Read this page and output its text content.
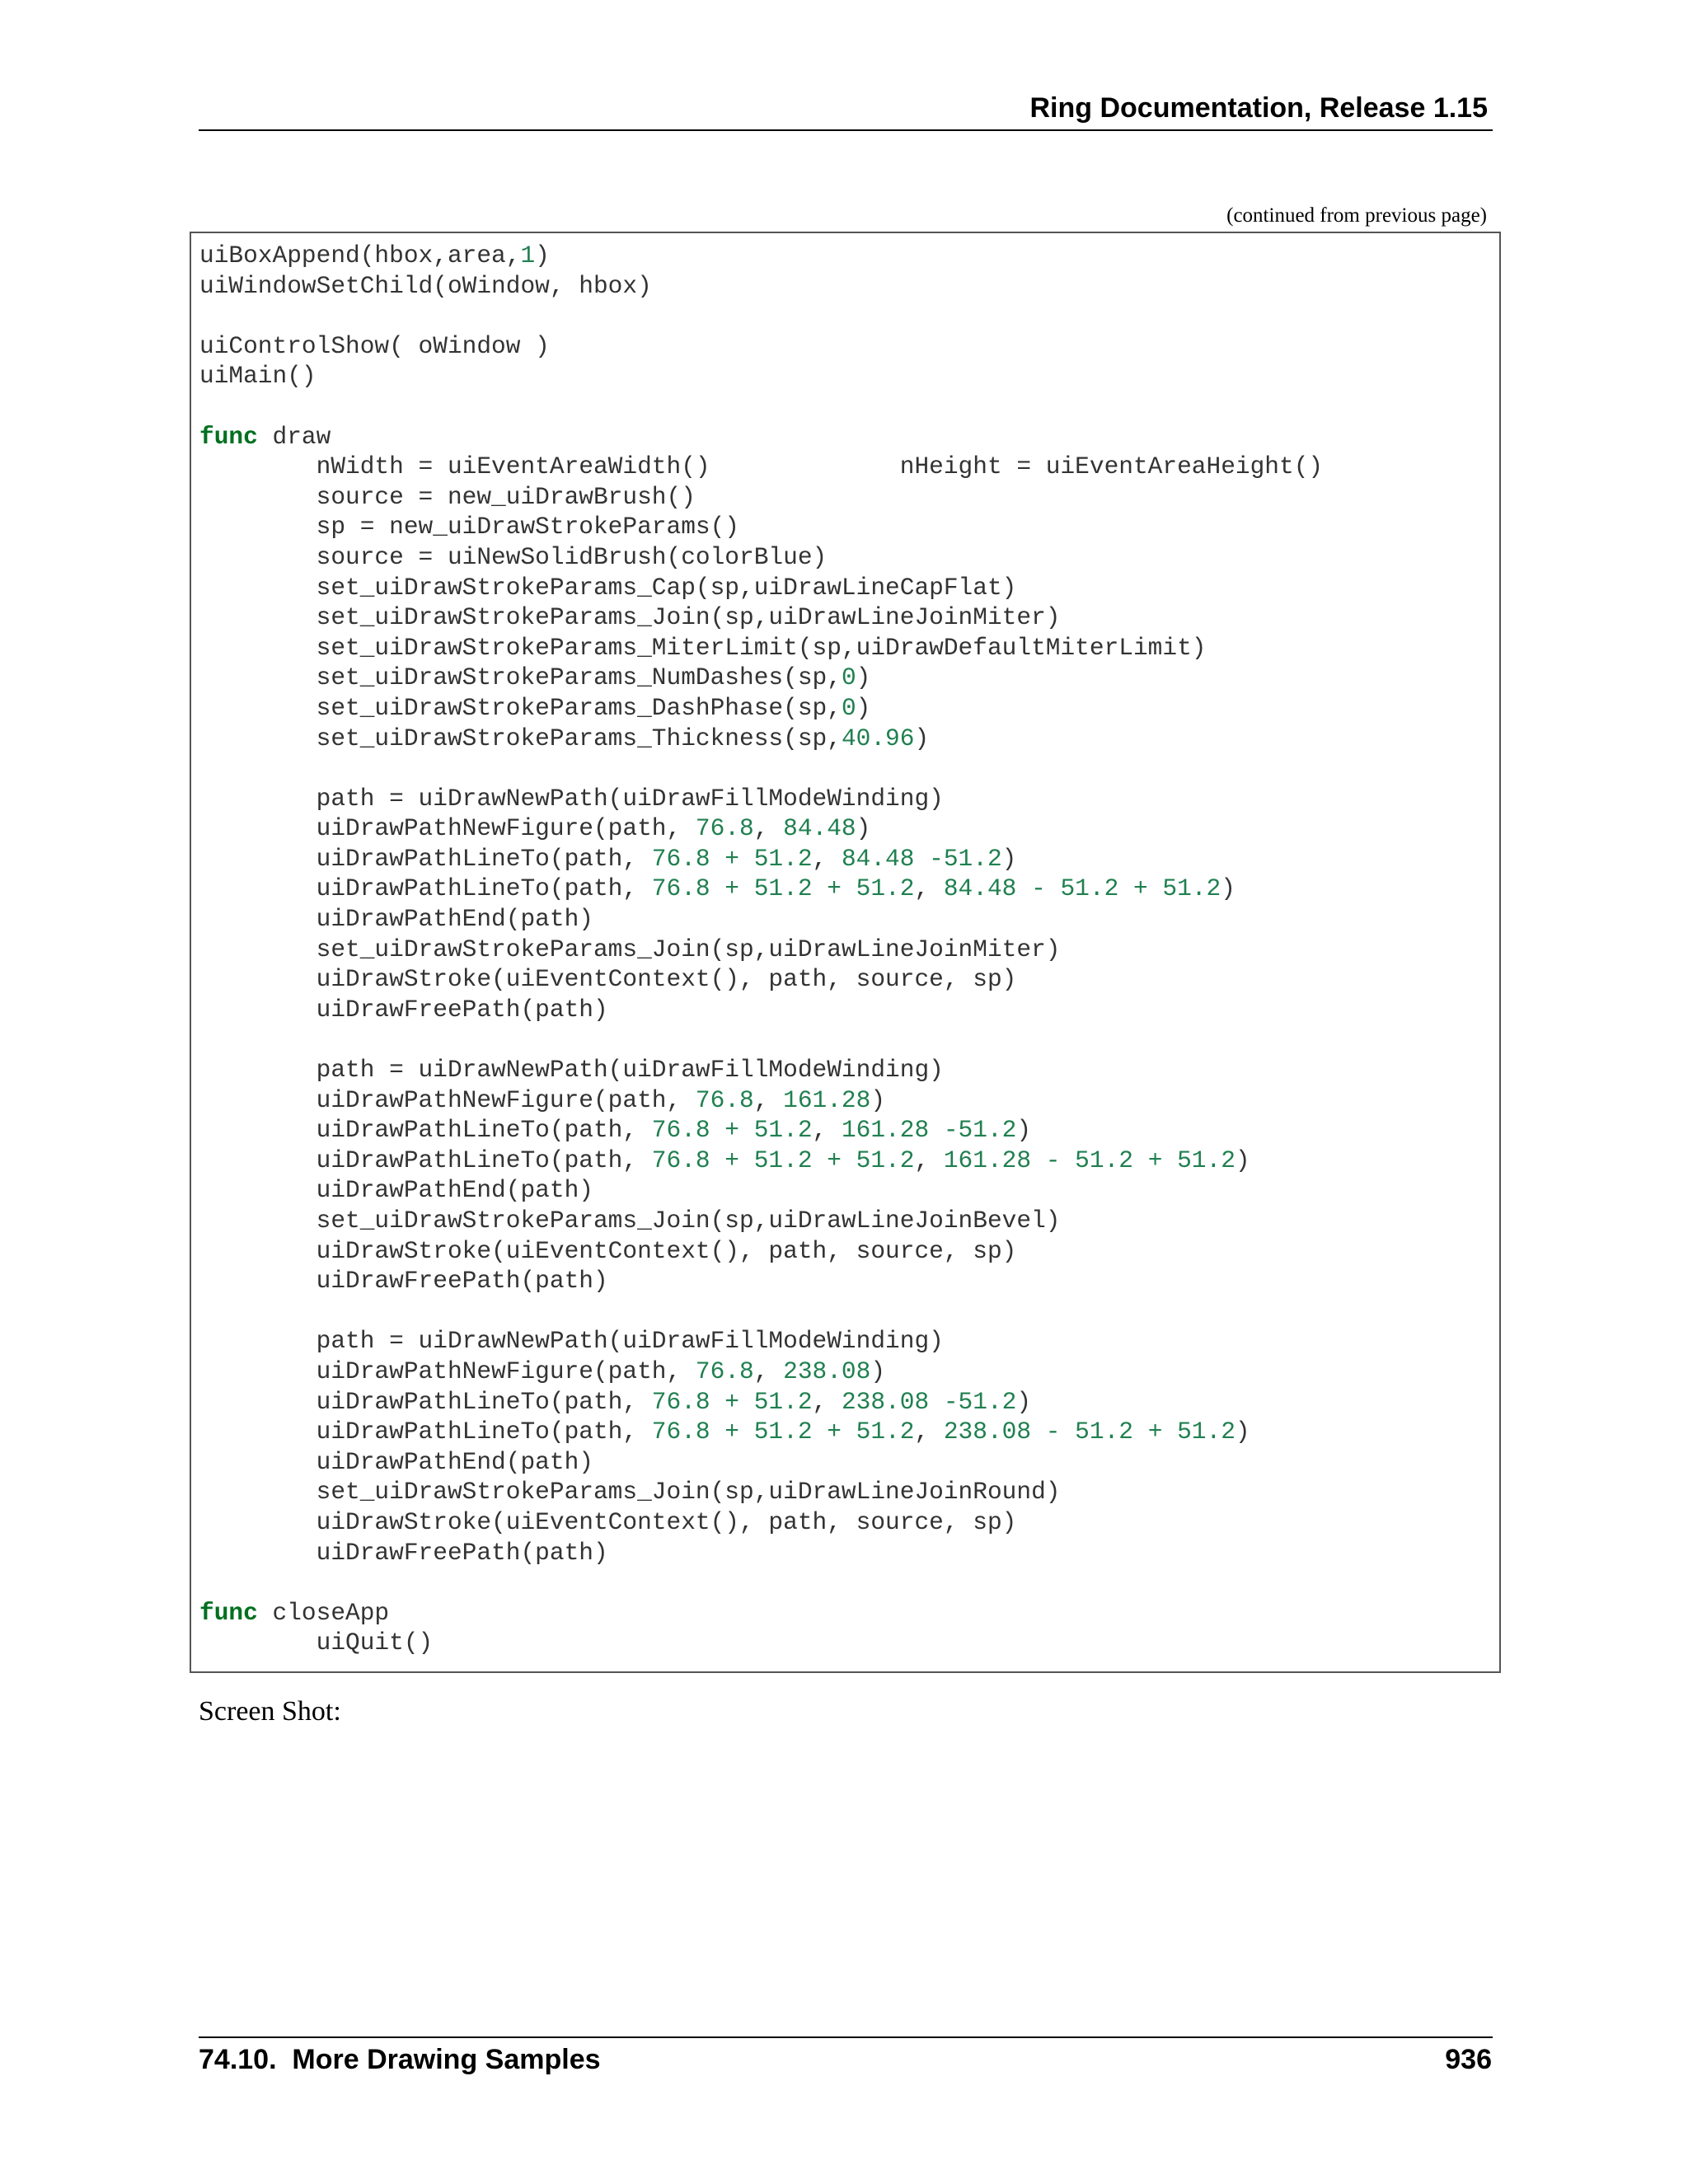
Ring Documentation, Release 1.15
(continued from previous page)
uiBoxAppend(hbox,area,1)
uiWindowSetChild(oWindow, hbox)
uiControlShow( oWindow )
uiMain()
func draw
nWidth = uiEventAreaWidth()             nHeight = uiEventAreaHeight()
source = new_uiDrawBrush()
sp = new_uiDrawStrokeParams()
source = uiNewSolidBrush(colorBlue)
set_uiDrawStrokeParams_Cap(sp,uiDrawLineCapFlat)
set_uiDrawStrokeParams_Join(sp,uiDrawLineJoinMiter)
set_uiDrawStrokeParams_MiterLimit(sp,uiDrawDefaultMiterLimit)
set_uiDrawStrokeParams_NumDashes(sp,0)
set_uiDrawStrokeParams_DashPhase(sp,0)
set_uiDrawStrokeParams_Thickness(sp,40.96)
path = uiDrawNewPath(uiDrawFillModeWinding)
uiDrawPathNewFigure(path, 76.8, 84.48)
uiDrawPathLineTo(path, 76.8 + 51.2, 84.48 -51.2)
uiDrawPathLineTo(path, 76.8 + 51.2 + 51.2, 84.48 - 51.2 + 51.2)
uiDrawPathEnd(path)
set_uiDrawStrokeParams_Join(sp,uiDrawLineJoinMiter)
uiDrawStroke(uiEventContext(), path, source, sp)
uiDrawFreePath(path)
path = uiDrawNewPath(uiDrawFillModeWinding)
uiDrawPathNewFigure(path, 76.8, 161.28)
uiDrawPathLineTo(path, 76.8 + 51.2, 161.28 -51.2)
uiDrawPathLineTo(path, 76.8 + 51.2 + 51.2, 161.28 - 51.2 + 51.2)
uiDrawPathEnd(path)
set_uiDrawStrokeParams_Join(sp,uiDrawLineJoinBevel)
uiDrawStroke(uiEventContext(), path, source, sp)
uiDrawFreePath(path)
path = uiDrawNewPath(uiDrawFillModeWinding)
uiDrawPathNewFigure(path, 76.8, 238.08)
uiDrawPathLineTo(path, 76.8 + 51.2, 238.08 -51.2)
uiDrawPathLineTo(path, 76.8 + 51.2 + 51.2, 238.08 - 51.2 + 51.2)
uiDrawPathEnd(path)
set_uiDrawStrokeParams_Join(sp,uiDrawLineJoinRound)
uiDrawStroke(uiEventContext(), path, source, sp)
uiDrawFreePath(path)
func closeApp
uiQuit()
Screen Shot:
74.10.  More Drawing Samples	936
